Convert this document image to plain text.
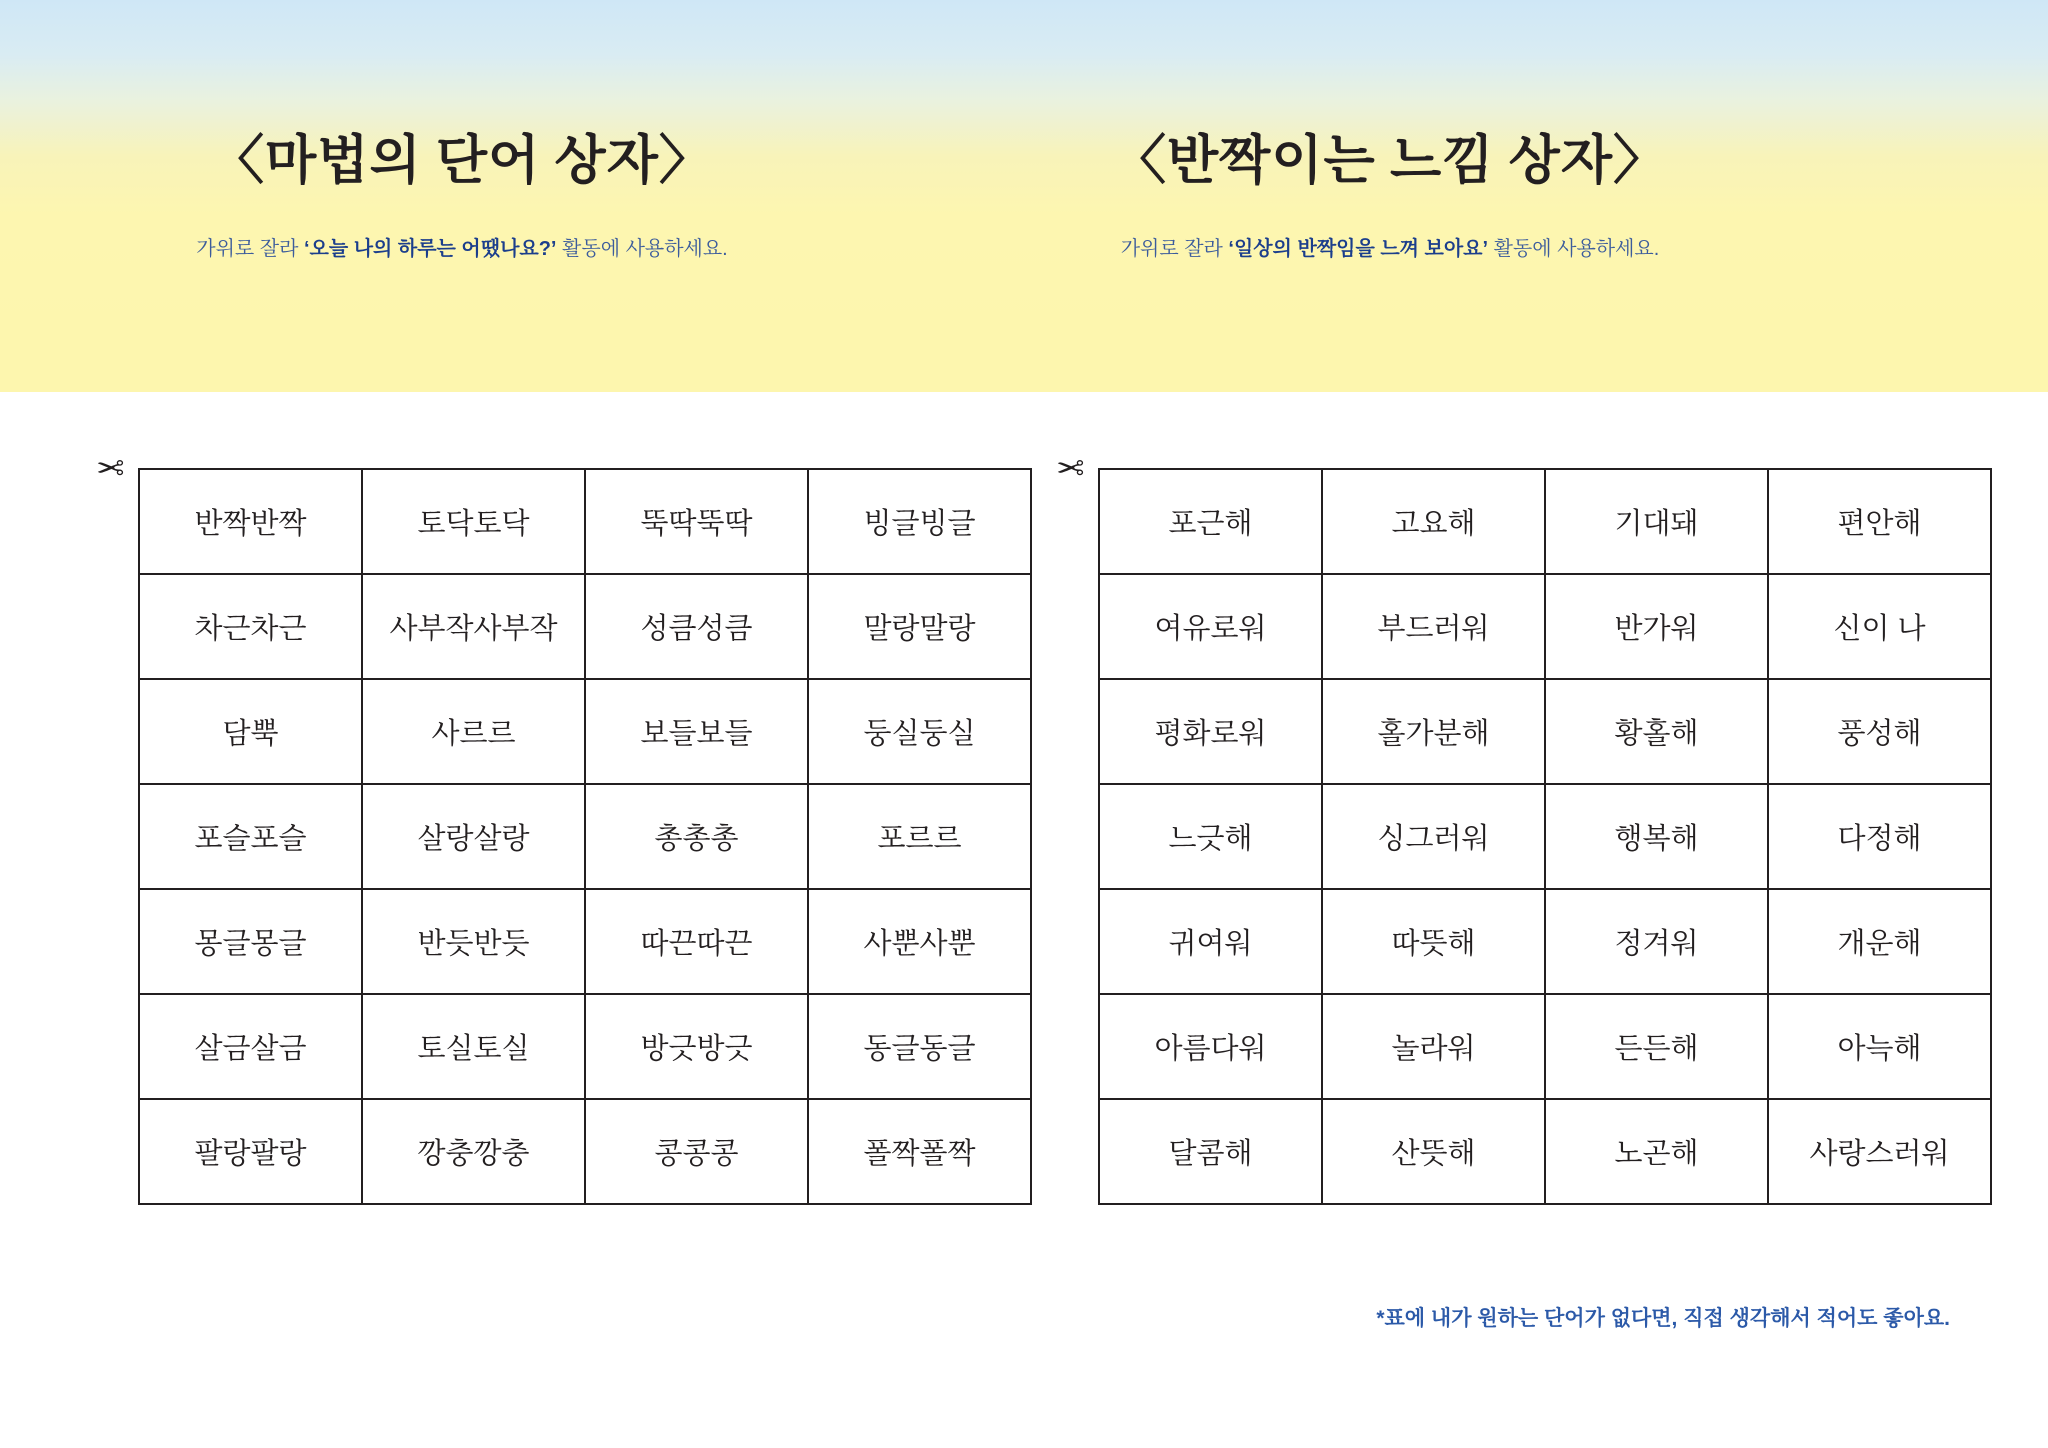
〈마법의 단어 상자〉
가위로 잘라 ‘오늘 나의 하루는 어땠나요?’ 활동에 사용하세요.
〈반짝이는 느낌 상자〉
가위로 잘라 ‘일상의 반짝임을 느껴 보아요’ 활동에 사용하세요.
✂	✂
반짝반짝	토닥토닥	뚝딱뚝딱	빙글빙글
차근차근	사부작사부작	성큼성큼	말랑말랑
담뿍	사르르	보들보들	둥실둥실
포슬포슬	살랑살랑	총총총	포르르
몽글몽글	반듯반듯	따끈따끈	사뿐사뿐
살금살금	토실토실	방긋방긋	동글동글
팔랑팔랑	깡충깡충	콩콩콩	폴짝폴짝
포근해	고요해	기대돼	편안해
여유로워	부드러워	반가워	신이 나
평화로워	홀가분해	황홀해	풍성해
느긋해	싱그러워	행복해	다정해
귀여워	따뜻해	정겨워	개운해
아름다워	놀라워	든든해	아늑해
달콤해	산뜻해	노곤해	사랑스러워
*표에 내가 원하는 단어가 없다면, 직접 생각해서 적어도 좋아요.
